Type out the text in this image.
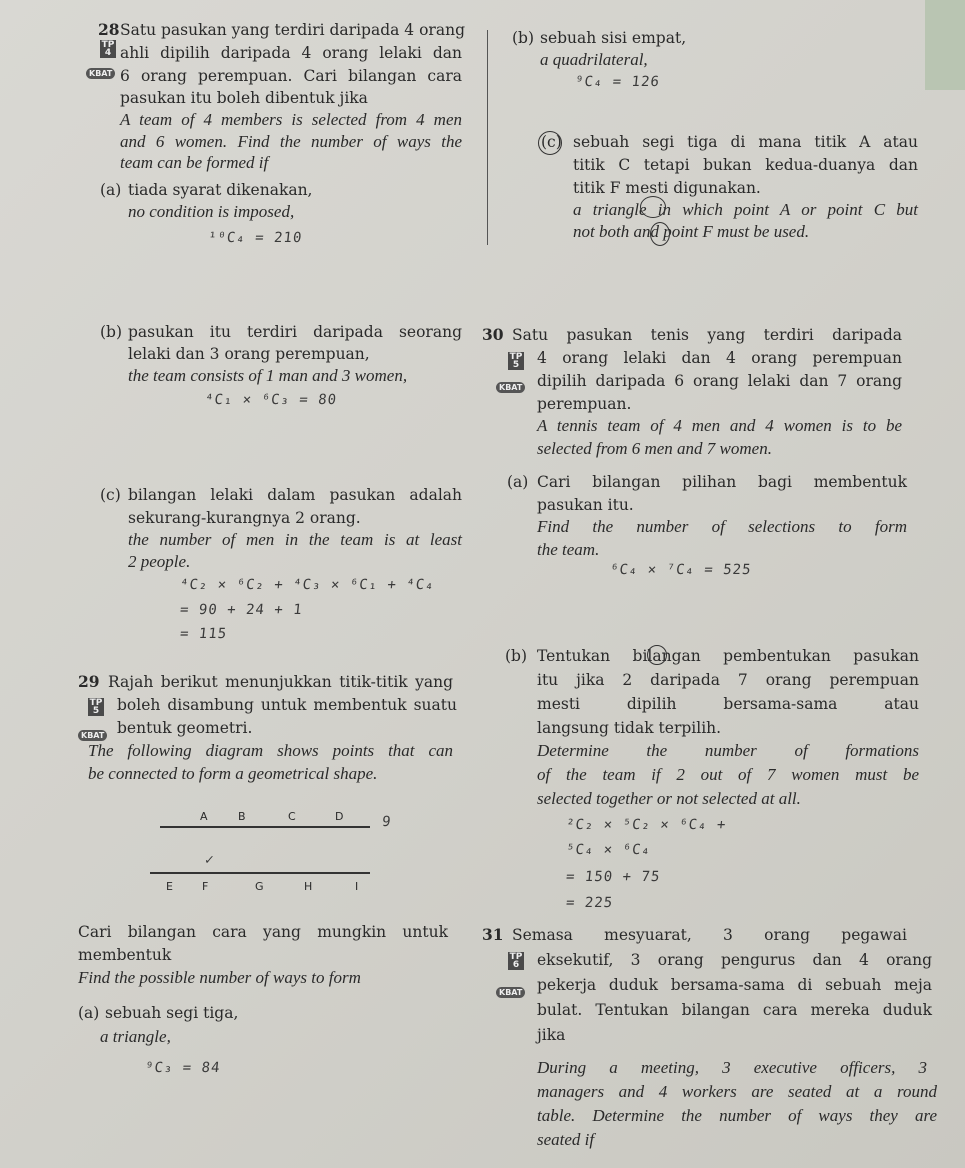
28 Satu pasukan yang terdiri daripada 4 orang
ahli dipilih daripada 4 orang lelaki dan
6 orang perempuan. Cari bilangan cara
pasukan itu boleh dibentuk jika
A team of 4 members is selected from 4 men
and 6 women. Find the number of ways the
team can be formed if
(a) tiada syarat dikenakan,
no condition is imposed,
¹⁰C₄ = 210
(b) pasukan itu terdiri daripada seorang
lelaki dan 3 orang perempuan,
the team consists of 1 man and 3 women,
⁴C₁ × ⁶C₃ = 80
(c) bilangan lelaki dalam pasukan adalah
sekurang-kurangnya 2 orang.
the number of men in the team is at least
2 people.
⁴C₂ × ⁶C₂ + ⁴C₃ × ⁶C₁ + ⁴C₄
= 90 + 24 + 1
= 115
(b) sebuah sisi empat,
a quadrilateral,
⁹C₄ = 126
(c) sebuah segi tiga di mana titik A atau
titik C tetapi bukan kedua-duanya dan
titik F mesti digunakan.
a triangle in which point A or point C but
not both and point F must be used.
30 Satu pasukan tenis yang terdiri daripada
4 orang lelaki dan 4 orang perempuan
dipilih daripada 6 orang lelaki dan 7 orang
perempuan.
A tennis team of 4 men and 4 women is to be
selected from 6 men and 7 women.
(a) Cari bilangan pilihan bagi membentuk
pasukan itu.
Find the number of selections to form
the team.
⁶C₄ × ⁷C₄ = 525
(b) Tentukan bilangan pembentukan pasukan
itu jika 2 daripada 7 orang perempuan
mesti dipilih bersama-sama atau
langsung tidak terpilih.
Determine the number of formations
of the team if 2 out of 7 women must be
selected together or not selected at all.
²C₂ × ⁵C₂ × ⁶C₄ +
⁵C₄ × ⁶C₄
= 150 + 75
= 225
29 Rajah berikut menunjukkan titik-titik yang
boleh disambung untuk membentuk suatu
bentuk geometri.
The following diagram shows points that can
be connected to form a geometrical shape.
Cari bilangan cara yang mungkin untuk
membentuk
Find the possible number of ways to form
(a) sebuah segi tiga,
a triangle,
⁹C₃ = 84
31 Semasa mesyuarat, 3 orang pegawai
eksekutif, 3 orang pengurus dan 4 orang
pekerja duduk bersama-sama di sebuah meja
bulat. Tentukan bilangan cara mereka duduk
jika
During a meeting, 3 executive officers, 3
managers and 4 workers are seated at a round
table. Determine the number of ways they are
seated if
A	B	C	D
E	F	G	H	I
9
✓
TP 4
KBAT
TP 5
KBAT
TP 5
KBAT
TP 6
KBAT
